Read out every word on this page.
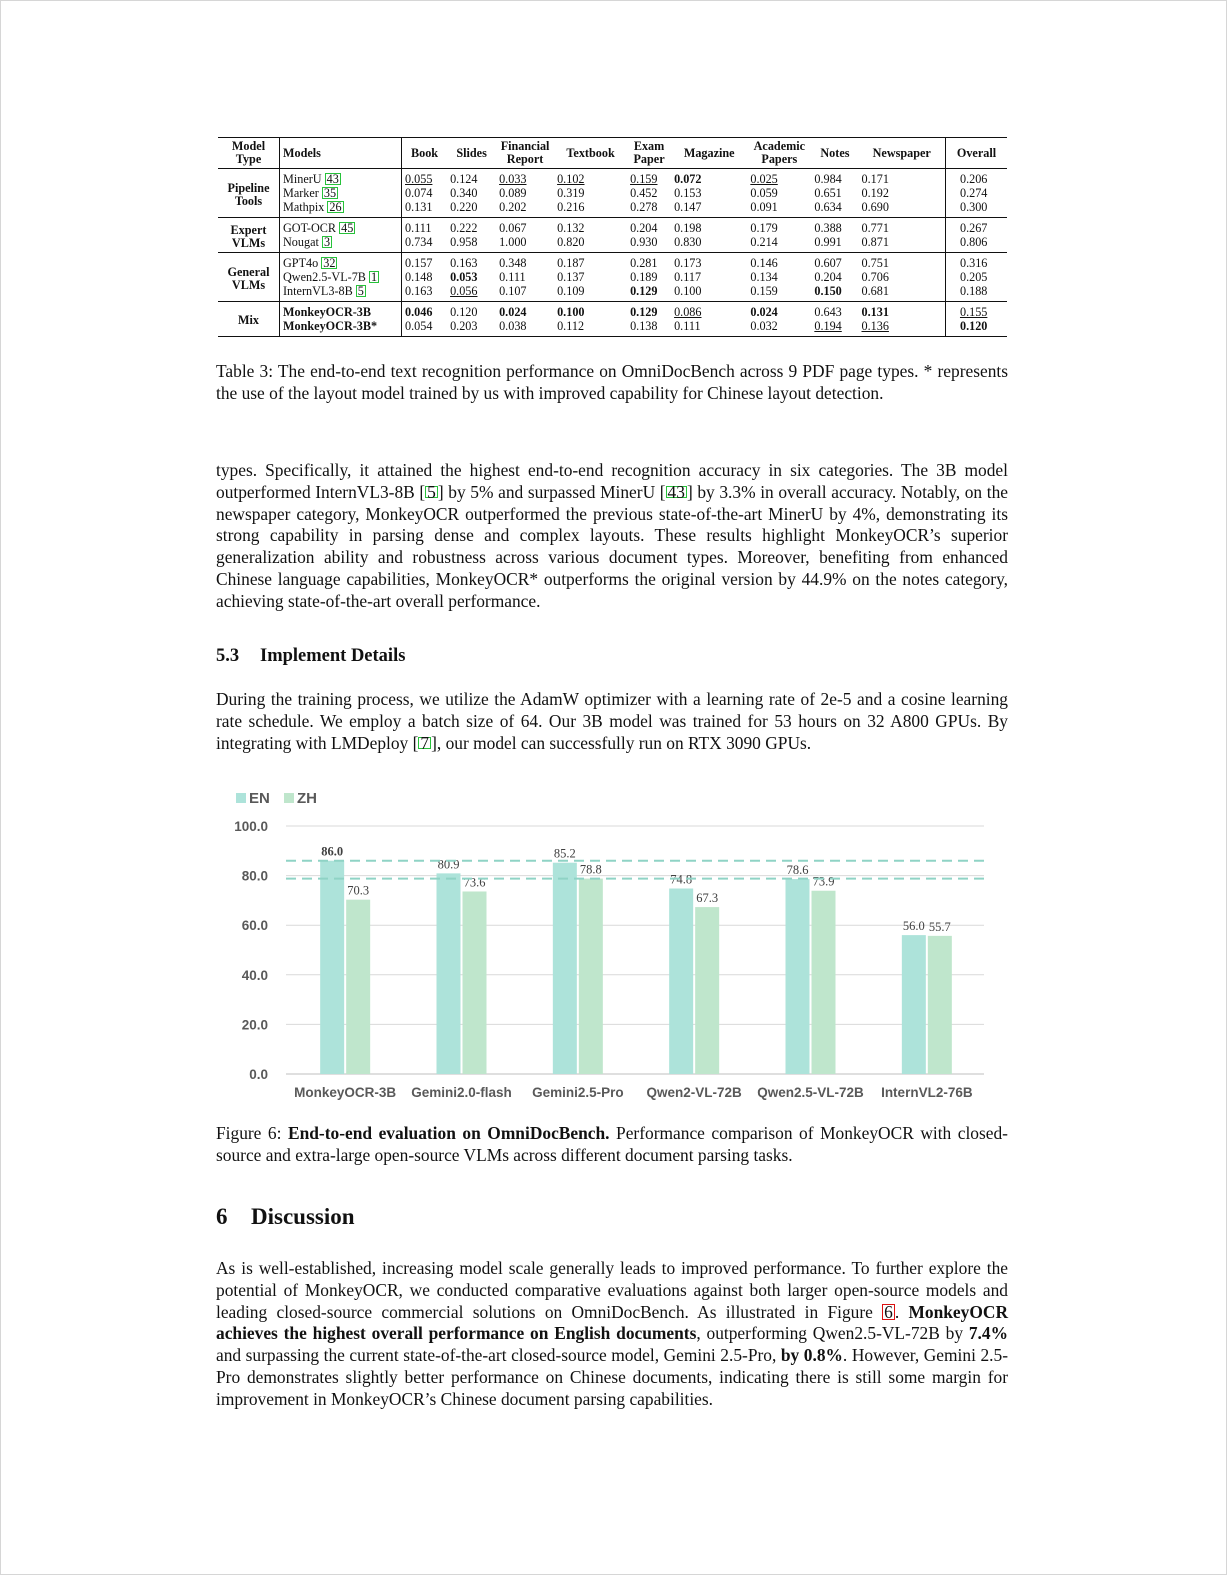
Model Type	Models	Book	Slides	Financial Report	Textbook	Exam Paper	Magazine	Academic Papers	Notes	Newspaper	Overall
Pipeline Tools	MinerU 43	0.055	0.124	0.033	0.102	0.159	0.072	0.025	0.984	0.171	0.206
	Marker 35	0.074	0.340	0.089	0.319	0.452	0.153	0.059	0.651	0.192	0.274
	Mathpix 26	0.131	0.220	0.202	0.216	0.278	0.147	0.091	0.634	0.690	0.300
Expert VLMs	GOT-OCR 45	0.111	0.222	0.067	0.132	0.204	0.198	0.179	0.388	0.771	0.267
	Nougat 3	0.734	0.958	1.000	0.820	0.930	0.830	0.214	0.991	0.871	0.806
General VLMs	GPT4o 32	0.157	0.163	0.348	0.187	0.281	0.173	0.146	0.607	0.751	0.316
	Qwen2.5-VL-7B 1	0.148	0.053	0.111	0.137	0.189	0.117	0.134	0.204	0.706	0.205
	InternVL3-8B 5	0.163	0.056	0.107	0.109	0.129	0.100	0.159	0.150	0.681	0.188
Mix	MonkeyOCR-3B	0.046	0.120	0.024	0.100	0.129	0.086	0.024	0.643	0.131	0.155
	MonkeyOCR-3B*	0.054	0.203	0.038	0.112	0.138	0.111	0.032	0.194	0.136	0.120

Table 3: The end-to-end text recognition performance on OmniDocBench across 9 PDF page types. * represents the use of the layout model trained by us with improved capability for Chinese layout detection.

types. Specifically, it attained the highest end-to-end recognition accuracy in six categories. The 3B model outperformed InternVL3-8B [ 5 ] by 5% and surpassed MinerU [ 43 ] by 3.3% in overall accuracy. Notably, on the newspaper category, MonkeyOCR outperformed the previous state-of-the-art MinerU by 4%, demonstrating its strong capability in parsing dense and complex layouts. These results highlight MonkeyOCR’s superior generalization ability and robustness across various document types. Moreover, benefiting from enhanced Chinese language capabilities, MonkeyOCR* outperforms the original version by 44.9% on the notes category, achieving state-of-the-art overall performance.

5.3 Implement Details

During the training process, we utilize the AdamW optimizer with a learning rate of 2e-5 and a cosine learning rate schedule. We employ a batch size of 64. Our 3B model was trained for 53 hours on 32 A800 GPUs. By integrating with LMDeploy [ 7 ], our model can successfully run on RTX 3090 GPUs.

EN ZH
0.0
20.0
40.0
60.0
80.0
100.0
86.0
70.3
MonkeyOCR-3B
80.9
73.6
Gemini2.0-flash
85.2
78.8
Gemini2.5-Pro
74.8
67.3
Qwen2-VL-72B
78.6
73.9
Qwen2.5-VL-72B
56.0 55.7
InternVL2-76B

Figure 6: End-to-end evaluation on OmniDocBench. Performance comparison of MonkeyOCR with closed-source and extra-large open-source VLMs across different document parsing tasks.

6 Discussion

As is well-established, increasing model scale generally leads to improved performance. To further explore the potential of MonkeyOCR, we conducted comparative evaluations against both larger open-source models and leading closed-source commercial solutions on OmniDocBench. As illustrated in Figure 6 . MonkeyOCR achieves the highest overall performance on English documents, outperforming Qwen2.5-VL-72B by 7.4% and surpassing the current state-of-the-art closed-source model, Gemini 2.5-Pro, by 0.8%. However, Gemini 2.5-Pro demonstrates slightly better performance on Chinese documents, indicating there is still some margin for improvement in MonkeyOCR’s Chinese document parsing capabilities.
